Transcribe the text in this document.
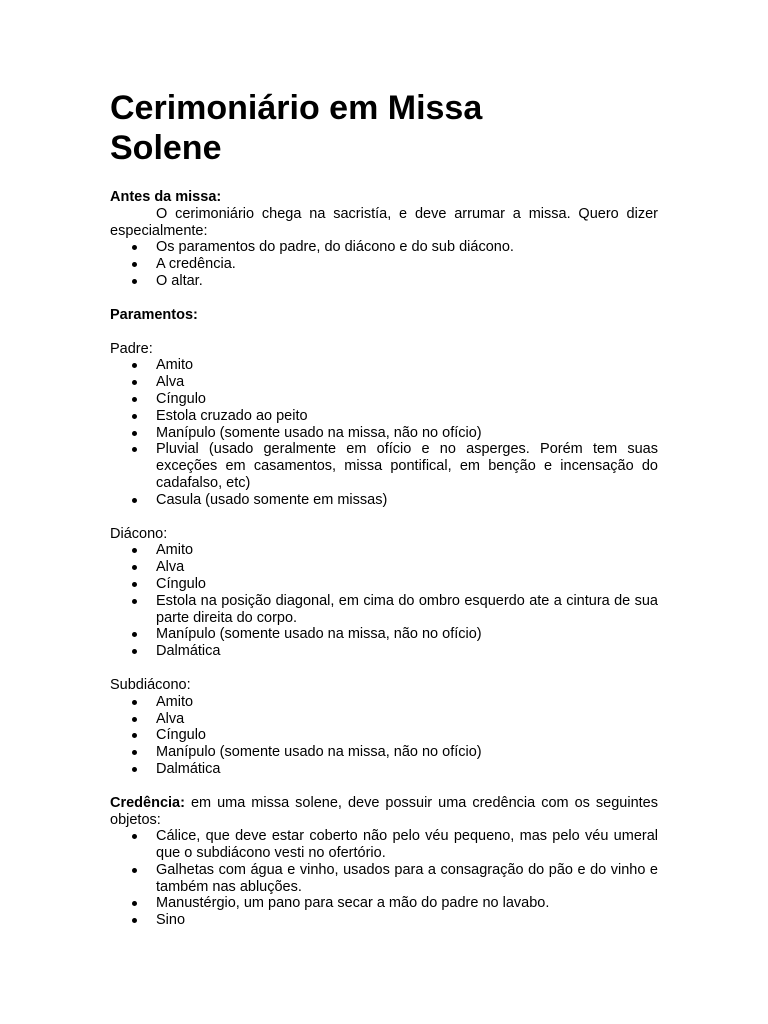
Cerimoniário em Missa Solene

Antes da missa:

O cerimoniário chega na sacristía, e deve arrumar a missa. Quero dizer especialmente:

Os paramentos do padre, do diácono e do sub diácono.
A credência.
O altar.

Paramentos:

Padre:

Amito
Alva
Cíngulo
Estola cruzado ao peito
Manípulo (somente usado na missa, não no ofício)
Pluvial (usado geralmente em ofício e no asperges. Porém tem suas exceções em casamentos, missa pontifical, em benção e incensação do cadafalso, etc)
Casula (usado somente em missas)

Diácono:

Amito
Alva
Cíngulo
Estola na posição diagonal, em cima do ombro esquerdo ate a cintura de sua parte direita do corpo.
Manípulo (somente usado na missa, não no ofício)
Dalmática

Subdiácono:

Amito
Alva
Cíngulo
Manípulo (somente usado na missa, não no ofício)
Dalmática

Credência: em uma missa solene, deve possuir uma credência com os seguintes objetos:

Cálice, que deve estar coberto não pelo véu pequeno, mas pelo véu umeral que o subdiácono vesti no ofertório.
Galhetas com água e vinho, usados para a consagração do pão e do vinho e também nas abluções.
Manustérgio, um pano para secar a mão do padre no lavabo.
Sino
